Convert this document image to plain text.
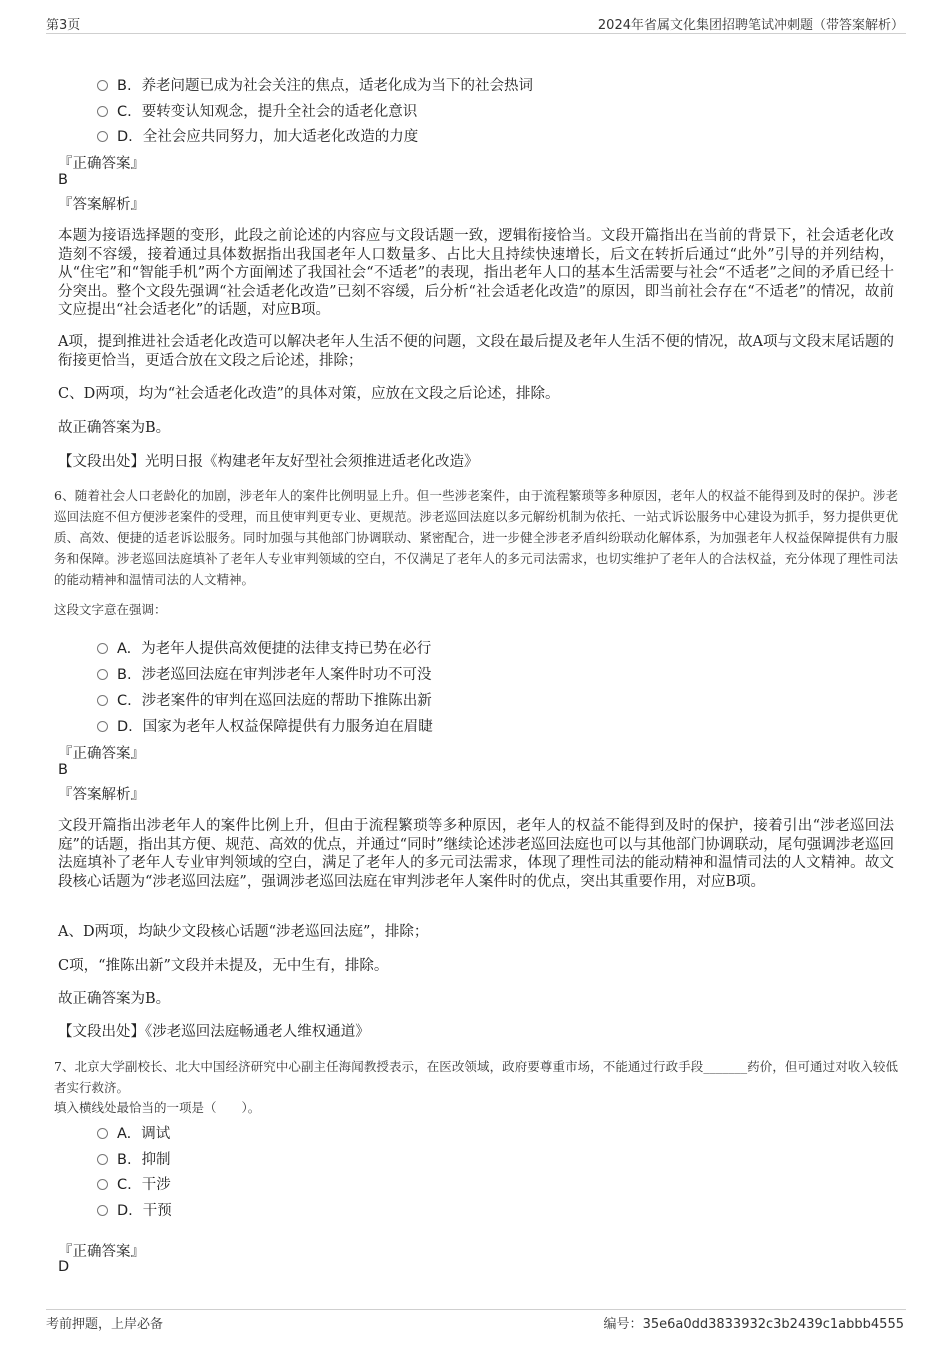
第3页	2024年省属文化集团招聘笔试冲刺题（带答案解析）
B. 养老问题已成为社会关注的焦点，适老化成为当下的社会热词
C. 要转变认知观念，提升全社会的适老化意识
D. 全社会应共同努力，加大适老化改造的力度
『正确答案』
B
『答案解析』
本题为接语选择题的变形，此段之前论述的内容应与文段话题一致，逻辑衔接恰当。文段开篇指出在当前的背景下，社会适老化改造刻不容缓，接着通过具体数据指出我国老年人口数量多、占比大且持续快速增长，后文在转折后通过“此外”引导的并列结构，从“住宅”和“智能手机”两个方面阐述了我国社会“不适老”的表现，指出老年人口的基本生活需要与社会“不适老”之间的矛盾已经十分突出。整个文段先强调“社会适老化改造”已刻不容缓，后分析“社会适老化改造”的原因，即当前社会存在“不适老”的情况，故前文应提出“社会适老化”的话题，对应B项。
A项，提到推进社会适老化改造可以解决老年人生活不便的问题，文段在最后提及老年人生活不便的情况，故A项与文段末尾话题的衔接更恰当，更适合放在文段之后论述，排除；
C、D两项，均为“社会适老化改造”的具体对策，应放在文段之后论述，排除。
故正确答案为B。
【文段出处】光明日报《构建老年友好型社会须推进适老化改造》
6、随着社会人口老龄化的加剧，涉老年人的案件比例明显上升。但一些涉老案件，由于流程繁琐等多种原因，老年人的权益不能得到及时的保护。涉老巡回法庭不但方便涉老案件的受理，而且使审判更专业、更规范。涉老巡回法庭以多元解纷机制为依托、一站式诉讼服务中心建设为抓手，努力提供更优质、高效、便捷的适老诉讼服务。同时加强与其他部门协调联动、紧密配合，进一步健全涉老矛盾纠纷联动化解体系，为加强老年人权益保障提供有力服务和保障。涉老巡回法庭填补了老年人专业审判领域的空白，不仅满足了老年人的多元司法需求，也切实维护了老年人的合法权益，充分体现了理性司法的能动精神和温情司法的人文精神。
这段文字意在强调：
A. 为老年人提供高效便捷的法律支持已势在必行
B. 涉老巡回法庭在审判涉老年人案件时功不可没
C. 涉老案件的审判在巡回法庭的帮助下推陈出新
D. 国家为老年人权益保障提供有力服务迫在眉睫
『正确答案』
B
『答案解析』
文段开篇指出涉老年人的案件比例上升，但由于流程繁琐等多种原因，老年人的权益不能得到及时的保护，接着引出“涉老巡回法庭”的话题，指出其方便、规范、高效的优点，并通过“同时”继续论述涉老巡回法庭也可以与其他部门协调联动，尾句强调涉老巡回法庭填补了老年人专业审判领域的空白，满足了老年人的多元司法需求，体现了理性司法的能动精神和温情司法的人文精神。故文段核心话题为“涉老巡回法庭”，强调涉老巡回法庭在审判涉老年人案件时的优点，突出其重要作用，对应B项。
A、D两项，均缺少文段核心话题“涉老巡回法庭”，排除；
C项，“推陈出新”文段并未提及，无中生有，排除。
故正确答案为B。
【文段出处】《涉老巡回法庭畅通老人维权通道》
7、北京大学副校长、北大中国经济研究中心副主任海闻教授表示，在医改领域，政府要尊重市场，不能通过行政手段_______药价，但可通过对收入较低者实行救济。
填入横线处最恰当的一项是（　　）。
A. 调试
B. 抑制
C. 干涉
D. 干预
『正确答案』
D
考前押题，上岸必备	编号：35e6a0dd3833932c3b2439c1abbb4555
